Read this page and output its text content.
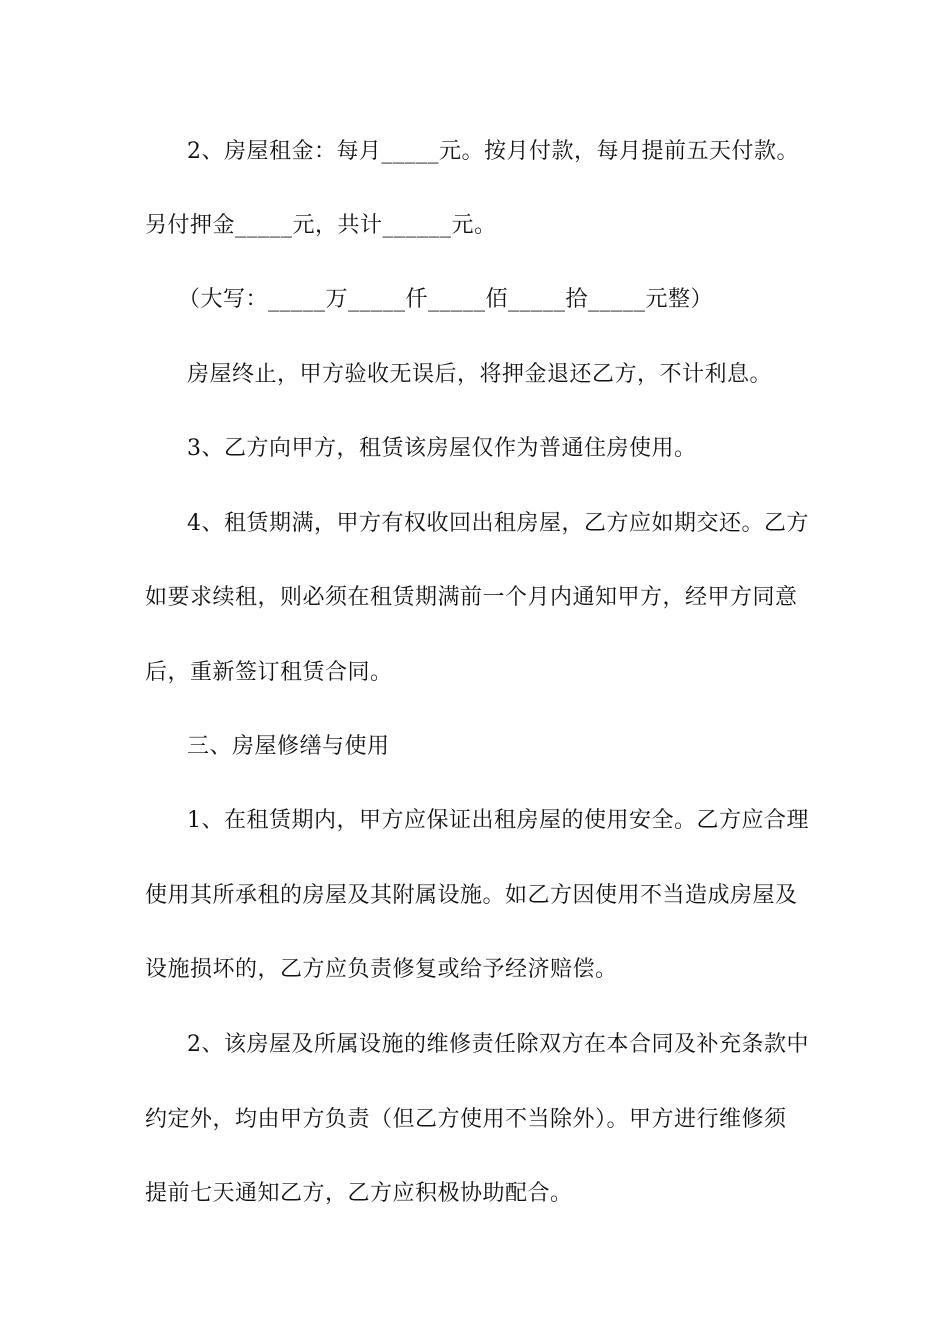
2、房屋租金：每月_____元。按月付款，每月提前五天付款。
另付押金_____元，共计______元。
（大写：_____万_____仟_____佰_____拾_____元整）
房屋终止，甲方验收无误后，将押金退还乙方，不计利息。
3、乙方向甲方，租赁该房屋仅作为普通住房使用。
4、租赁期满，甲方有权收回出租房屋，乙方应如期交还。乙方
如要求续租，则必须在租赁期满前一个月内通知甲方，经甲方同意
后，重新签订租赁合同。
三、房屋修缮与使用
1、在租赁期内，甲方应保证出租房屋的使用安全。乙方应合理
使用其所承租的房屋及其附属设施。如乙方因使用不当造成房屋及
设施损坏的，乙方应负责修复或给予经济赔偿。
2、该房屋及所属设施的维修责任除双方在本合同及补充条款中
约定外，均由甲方负责（但乙方使用不当除外）。甲方进行维修须
提前七天通知乙方，乙方应积极协助配合。
